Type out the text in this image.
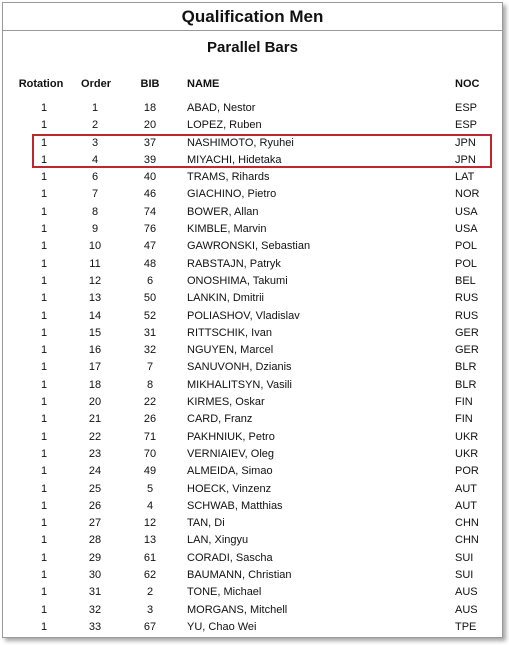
Qualification Men
Parallel Bars
Rotation	Order	BIB	NAME	NOC
1	1	18	ABAD, Nestor	ESP
1	2	20	LOPEZ, Ruben	ESP
1	3	37	NASHIMOTO, Ryuhei	JPN
1	4	39	MIYACHI, Hidetaka	JPN
1	6	40	TRAMS, Rihards	LAT
1	7	46	GIACHINO, Pietro	NOR
1	8	74	BOWER, Allan	USA
1	9	76	KIMBLE, Marvin	USA
1	10	47	GAWRONSKI, Sebastian	POL
1	11	48	RABSTAJN, Patryk	POL
1	12	6	ONOSHIMA, Takumi	BEL
1	13	50	LANKIN, Dmitrii	RUS
1	14	52	POLIASHOV, Vladislav	RUS
1	15	31	RITTSCHIK, Ivan	GER
1	16	32	NGUYEN, Marcel	GER
1	17	7	SANUVONH, Dzianis	BLR
1	18	8	MIKHALITSYN, Vasili	BLR
1	20	22	KIRMES, Oskar	FIN
1	21	26	CARD, Franz	FIN
1	22	71	PAKHNIUK, Petro	UKR
1	23	70	VERNIAIEV, Oleg	UKR
1	24	49	ALMEIDA, Simao	POR
1	25	5	HOECK, Vinzenz	AUT
1	26	4	SCHWAB, Matthias	AUT
1	27	12	TAN, Di	CHN
1	28	13	LAN, Xingyu	CHN
1	29	61	CORADI, Sascha	SUI
1	30	62	BAUMANN, Christian	SUI
1	31	2	TONE, Michael	AUS
1	32	3	MORGANS, Mitchell	AUS
1	33	67	YU, Chao Wei	TPE
